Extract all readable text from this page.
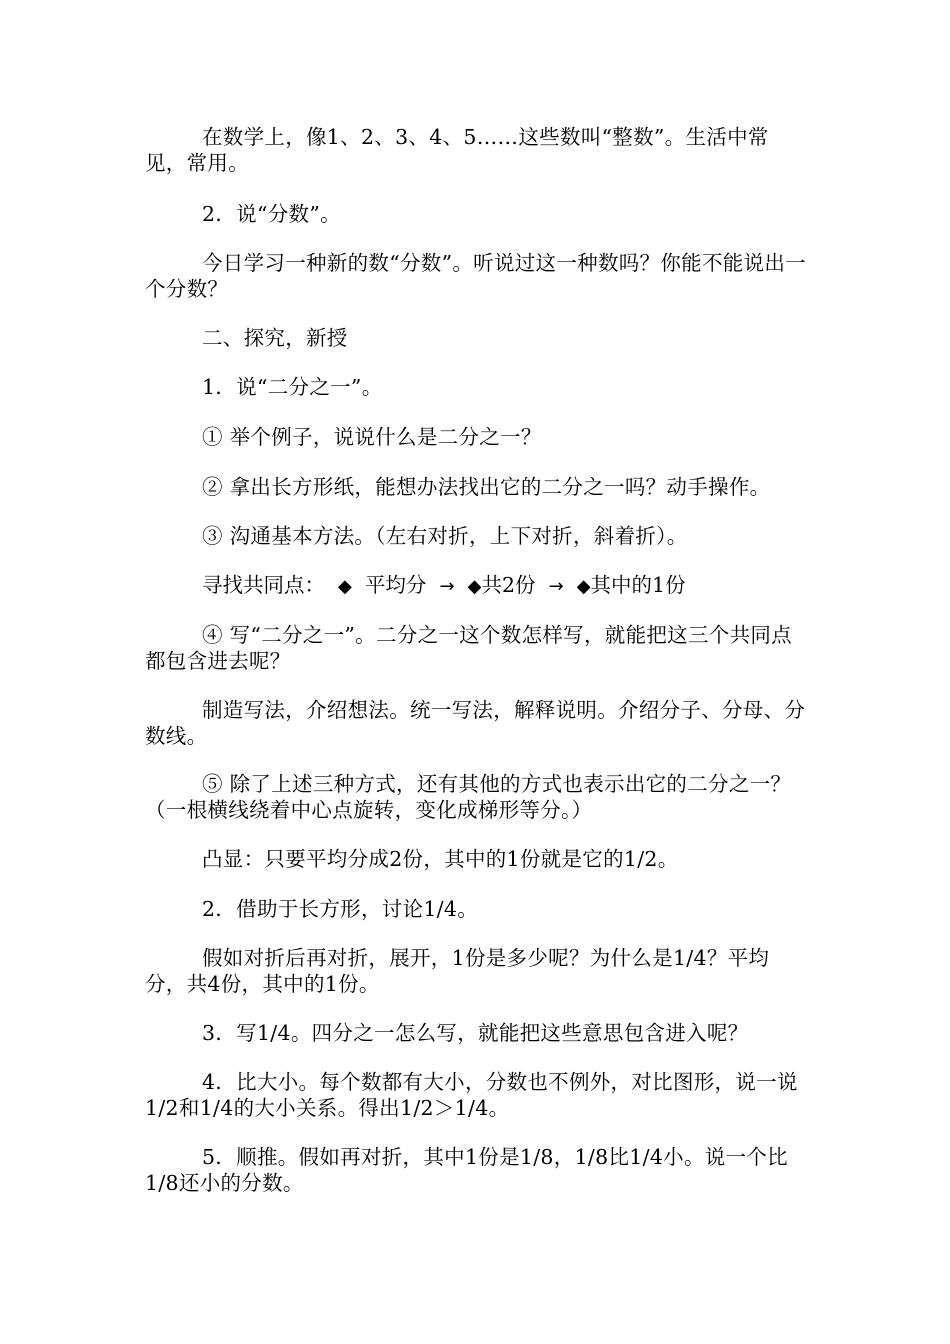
在数学上，像1、2、3、4、5……这些数叫“整数”。生活中常见，常用。

2．说“分数”。

今日学习一种新的数“分数”。听说过这一种数吗？你能不能说出一个分数？

二、探究，新授

1．说“二分之一”。

① 举个例子，说说什么是二分之一？

② 拿出长方形纸，能想办法找出它的二分之一吗？动手操作。

③ 沟通基本方法。（左右对折，上下对折，斜着折）。

寻找共同点： ◆ 平均分 → ◆共2份 → ◆其中的1份

④ 写“二分之一”。二分之一这个数怎样写，就能把这三个共同点都包含进去呢？

制造写法，介绍想法。统一写法，解释说明。介绍分子、分母、分数线。

⑤ 除了上述三种方式，还有其他的方式也表示出它的二分之一？（一根横线绕着中心点旋转，变化成梯形等分。）

凸显：只要平均分成2份，其中的1份就是它的1/2。

2．借助于长方形，讨论1/4。

假如对折后再对折，展开，1份是多少呢？为什么是1/4？平均分，共4份，其中的1份。

3．写1/4。四分之一怎么写，就能把这些意思包含进入呢？

4．比大小。每个数都有大小，分数也不例外，对比图形，说一说1/2和1/4的大小关系。得出1/2＞1/4。

5．顺推。假如再对折，其中1份是1/8，1/8比1/4小。说一个比1/8还小的分数。
